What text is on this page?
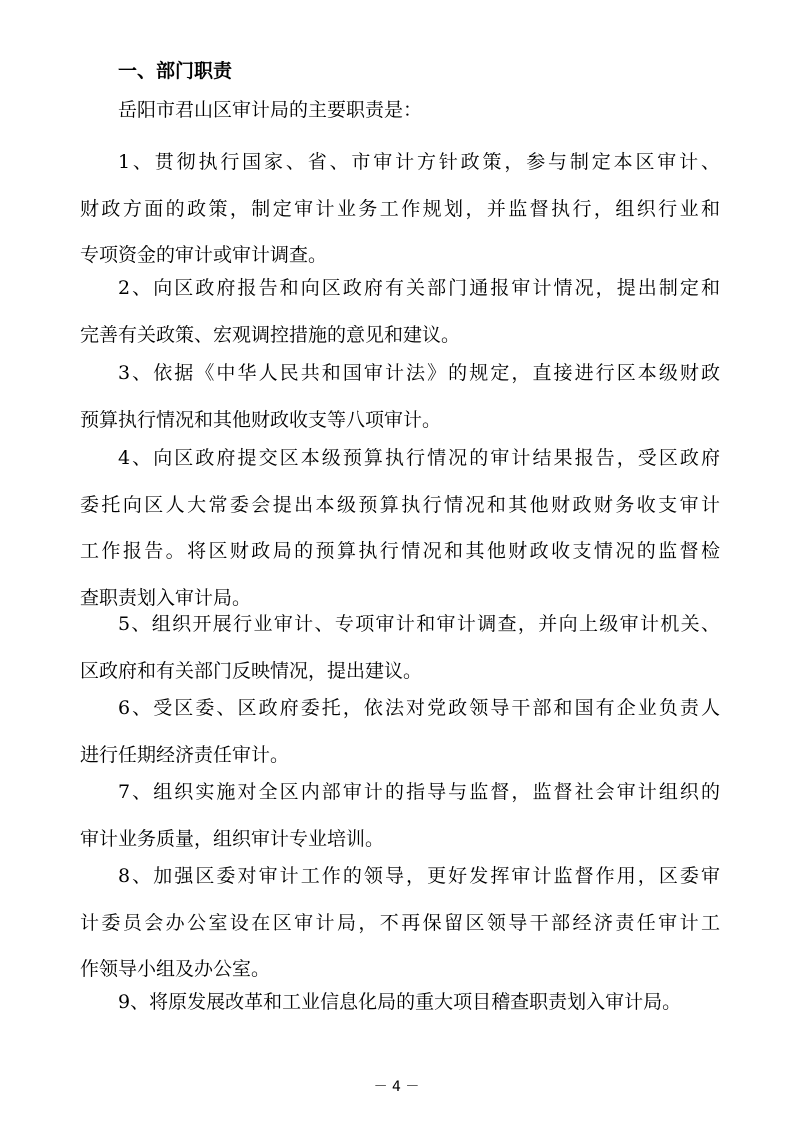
一、部门职责
岳阳市君山区审计局的主要职责是：
1、贯彻执行国家、省、市审计方针政策，参与制定本区审计、
财政方面的政策，制定审计业务工作规划，并监督执行，组织行业和
专项资金的审计或审计调查。
2、向区政府报告和向区政府有关部门通报审计情况，提出制定和
完善有关政策、宏观调控措施的意见和建议。
3、依据《中华人民共和国审计法》的规定，直接进行区本级财政
预算执行情况和其他财政收支等八项审计。
4、向区政府提交区本级预算执行情况的审计结果报告，受区政府
委托向区人大常委会提出本级预算执行情况和其他财政财务收支审计
工作报告。将区财政局的预算执行情况和其他财政收支情况的监督检
查职责划入审计局。
5、组织开展行业审计、专项审计和审计调查，并向上级审计机关、
区政府和有关部门反映情况，提出建议。
6、受区委、区政府委托，依法对党政领导干部和国有企业负责人
进行任期经济责任审计。
7、组织实施对全区内部审计的指导与监督，监督社会审计组织的
审计业务质量，组织审计专业培训。
8、加强区委对审计工作的领导，更好发挥审计监督作用，区委审
计委员会办公室设在区审计局，不再保留区领导干部经济责任审计工
作领导小组及办公室。
9、将原发展改革和工业信息化局的重大项目稽查职责划入审计局。
－ 4 －
